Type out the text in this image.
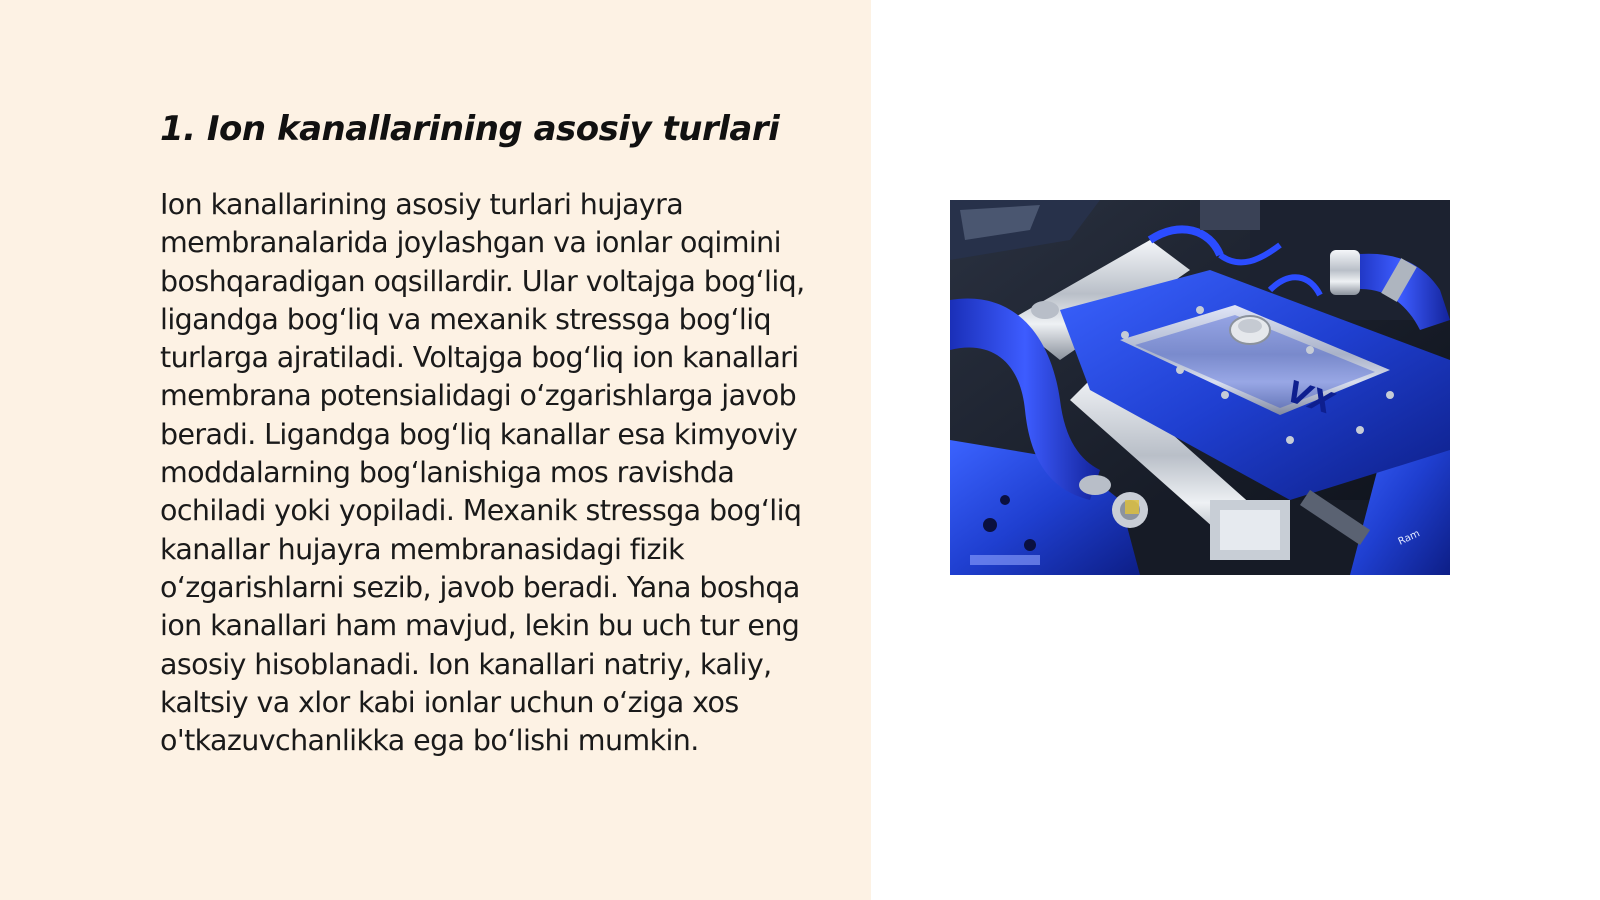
1. Ion kanallarining asosiy turlari

Ion kanallarining asosiy turlari hujayra membranalarida joylashgan va ionlar oqimini boshqaradigan oqsillardir. Ular voltajga bog‘liq, ligandga bog‘liq va mexanik stressga bog‘liq turlarga ajratiladi. Voltajga bog‘liq ion kanallari membrana potensialidagi o‘zgarishlarga javob beradi. Ligandga bog‘liq kanallar esa kimyoviy moddalarning bog‘lanishiga mos ravishda ochiladi yoki yopiladi. Mexanik stressga bog‘liq kanallar hujayra membranasidagi fizik o‘zgarishlarni sezib, javob beradi. Yana boshqa ion kanallari ham mavjud, lekin bu uch tur eng asosiy hisoblanadi. Ion kanallari natriy, kaliy, kaltsiy va xlor kabi ionlar uchun o‘ziga xos o'tkazuvchanlikka ega bo‘lishi mumkin.

Ram
VX
